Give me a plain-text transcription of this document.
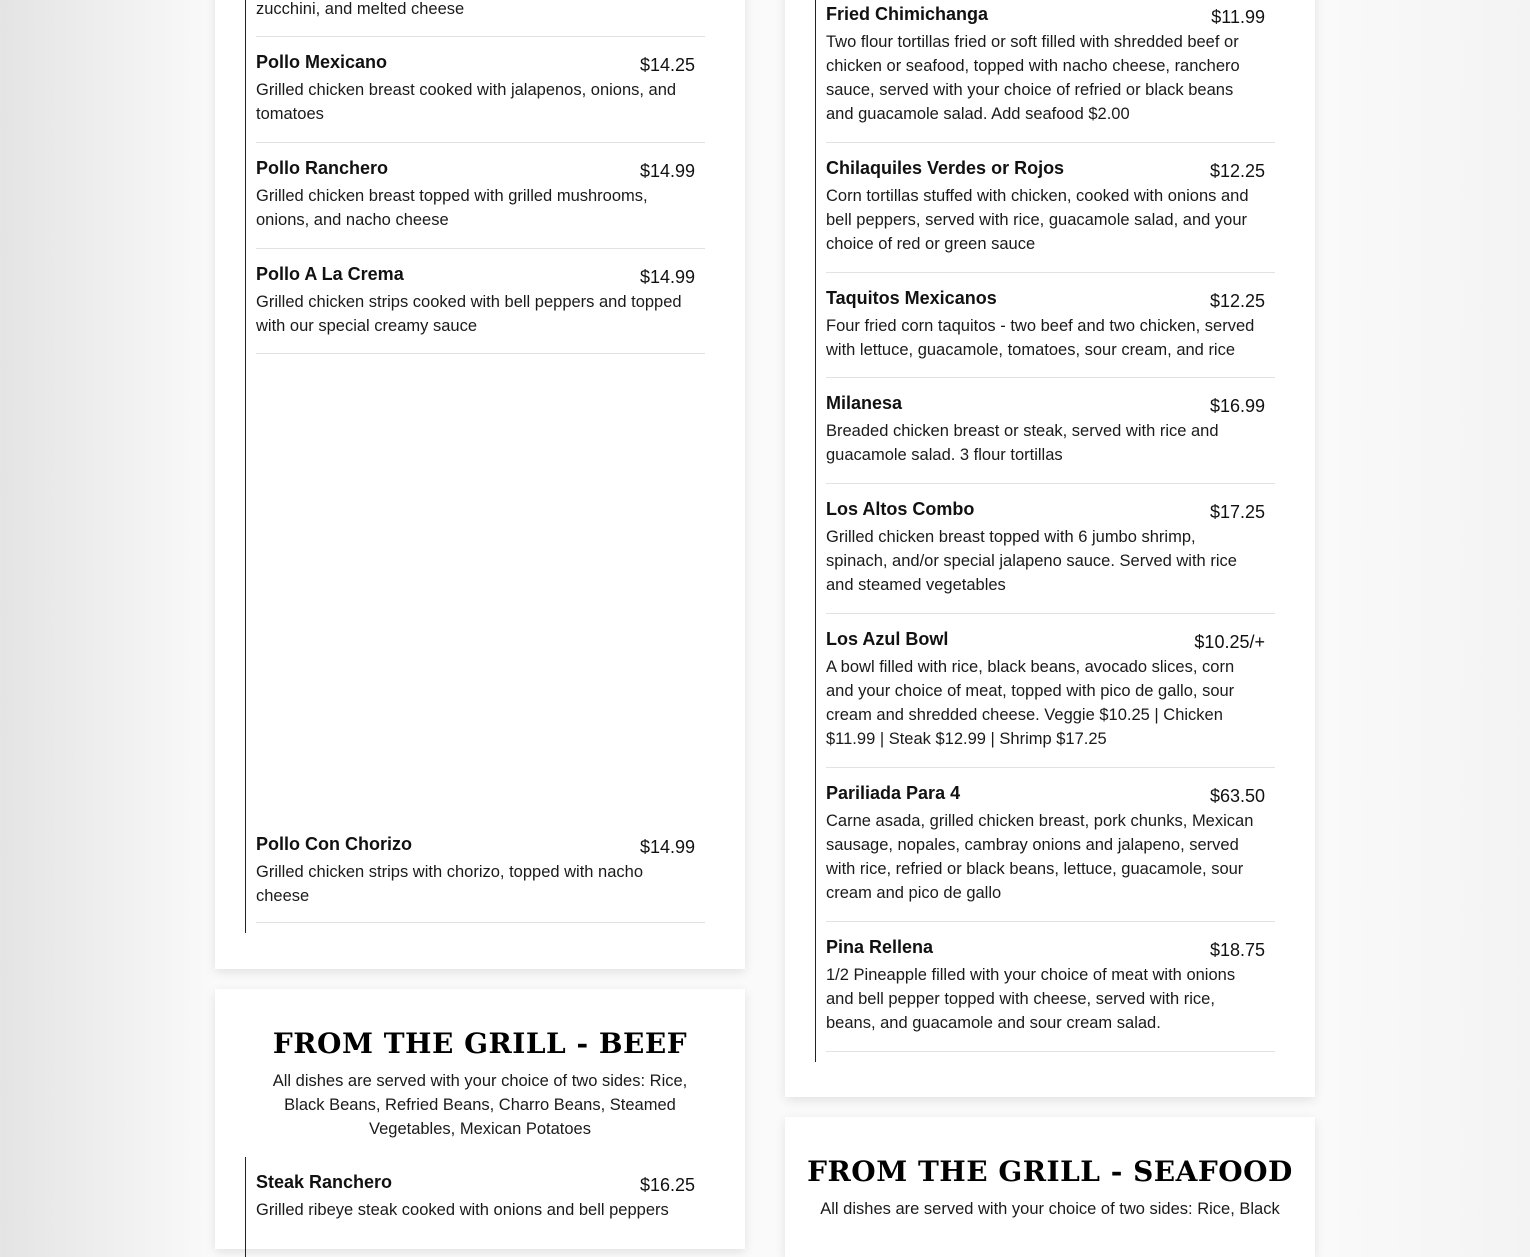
zucchini, and melted cheese
Pollo Mexicano	$14.25
Grilled chicken breast cooked with jalapenos, onions, and tomatoes
Pollo Ranchero	$14.99
Grilled chicken breast topped with grilled mushrooms, onions, and nacho cheese
Pollo A La Crema	$14.99
Grilled chicken strips cooked with bell peppers and topped with our special creamy sauce
Pollo Con Chorizo	$14.99
Grilled chicken strips with chorizo, topped with nacho cheese
FROM THE GRILL - BEEF
All dishes are served with your choice of two sides: Rice, Black Beans, Refried Beans, Charro Beans, Steamed Vegetables, Mexican Potatoes
Steak Ranchero	$16.25
Grilled ribeye steak cooked with onions and bell peppers
Fried Chimichanga	$11.99
Two flour tortillas fried or soft filled with shredded beef or chicken or seafood, topped with nacho cheese, ranchero sauce, served with your choice of refried or black beans and guacamole salad. Add seafood $2.00
Chilaquiles Verdes or Rojos	$12.25
Corn tortillas stuffed with chicken, cooked with onions and bell peppers, served with rice, guacamole salad, and your choice of red or green sauce
Taquitos Mexicanos	$12.25
Four fried corn taquitos - two beef and two chicken, served with lettuce, guacamole, tomatoes, sour cream, and rice
Milanesa	$16.99
Breaded chicken breast or steak, served with rice and guacamole salad. 3 flour tortillas
Los Altos Combo	$17.25
Grilled chicken breast topped with 6 jumbo shrimp, spinach, and/or special jalapeno sauce. Served with rice and steamed vegetables
Los Azul Bowl	$10.25/+
A bowl filled with rice, black beans, avocado slices, corn and your choice of meat, topped with pico de gallo, sour cream and shredded cheese. Veggie $10.25 | Chicken $11.99 | Steak $12.99 | Shrimp $17.25
Pariliada Para 4	$63.50
Carne asada, grilled chicken breast, pork chunks, Mexican sausage, nopales, cambray onions and jalapeno, served with rice, refried or black beans, lettuce, guacamole, sour cream and pico de gallo
Pina Rellena	$18.75
1/2 Pineapple filled with your choice of meat with onions and bell pepper topped with cheese, served with rice, beans, and guacamole and sour cream salad.
FROM THE GRILL - SEAFOOD
All dishes are served with your choice of two sides: Rice, Black
